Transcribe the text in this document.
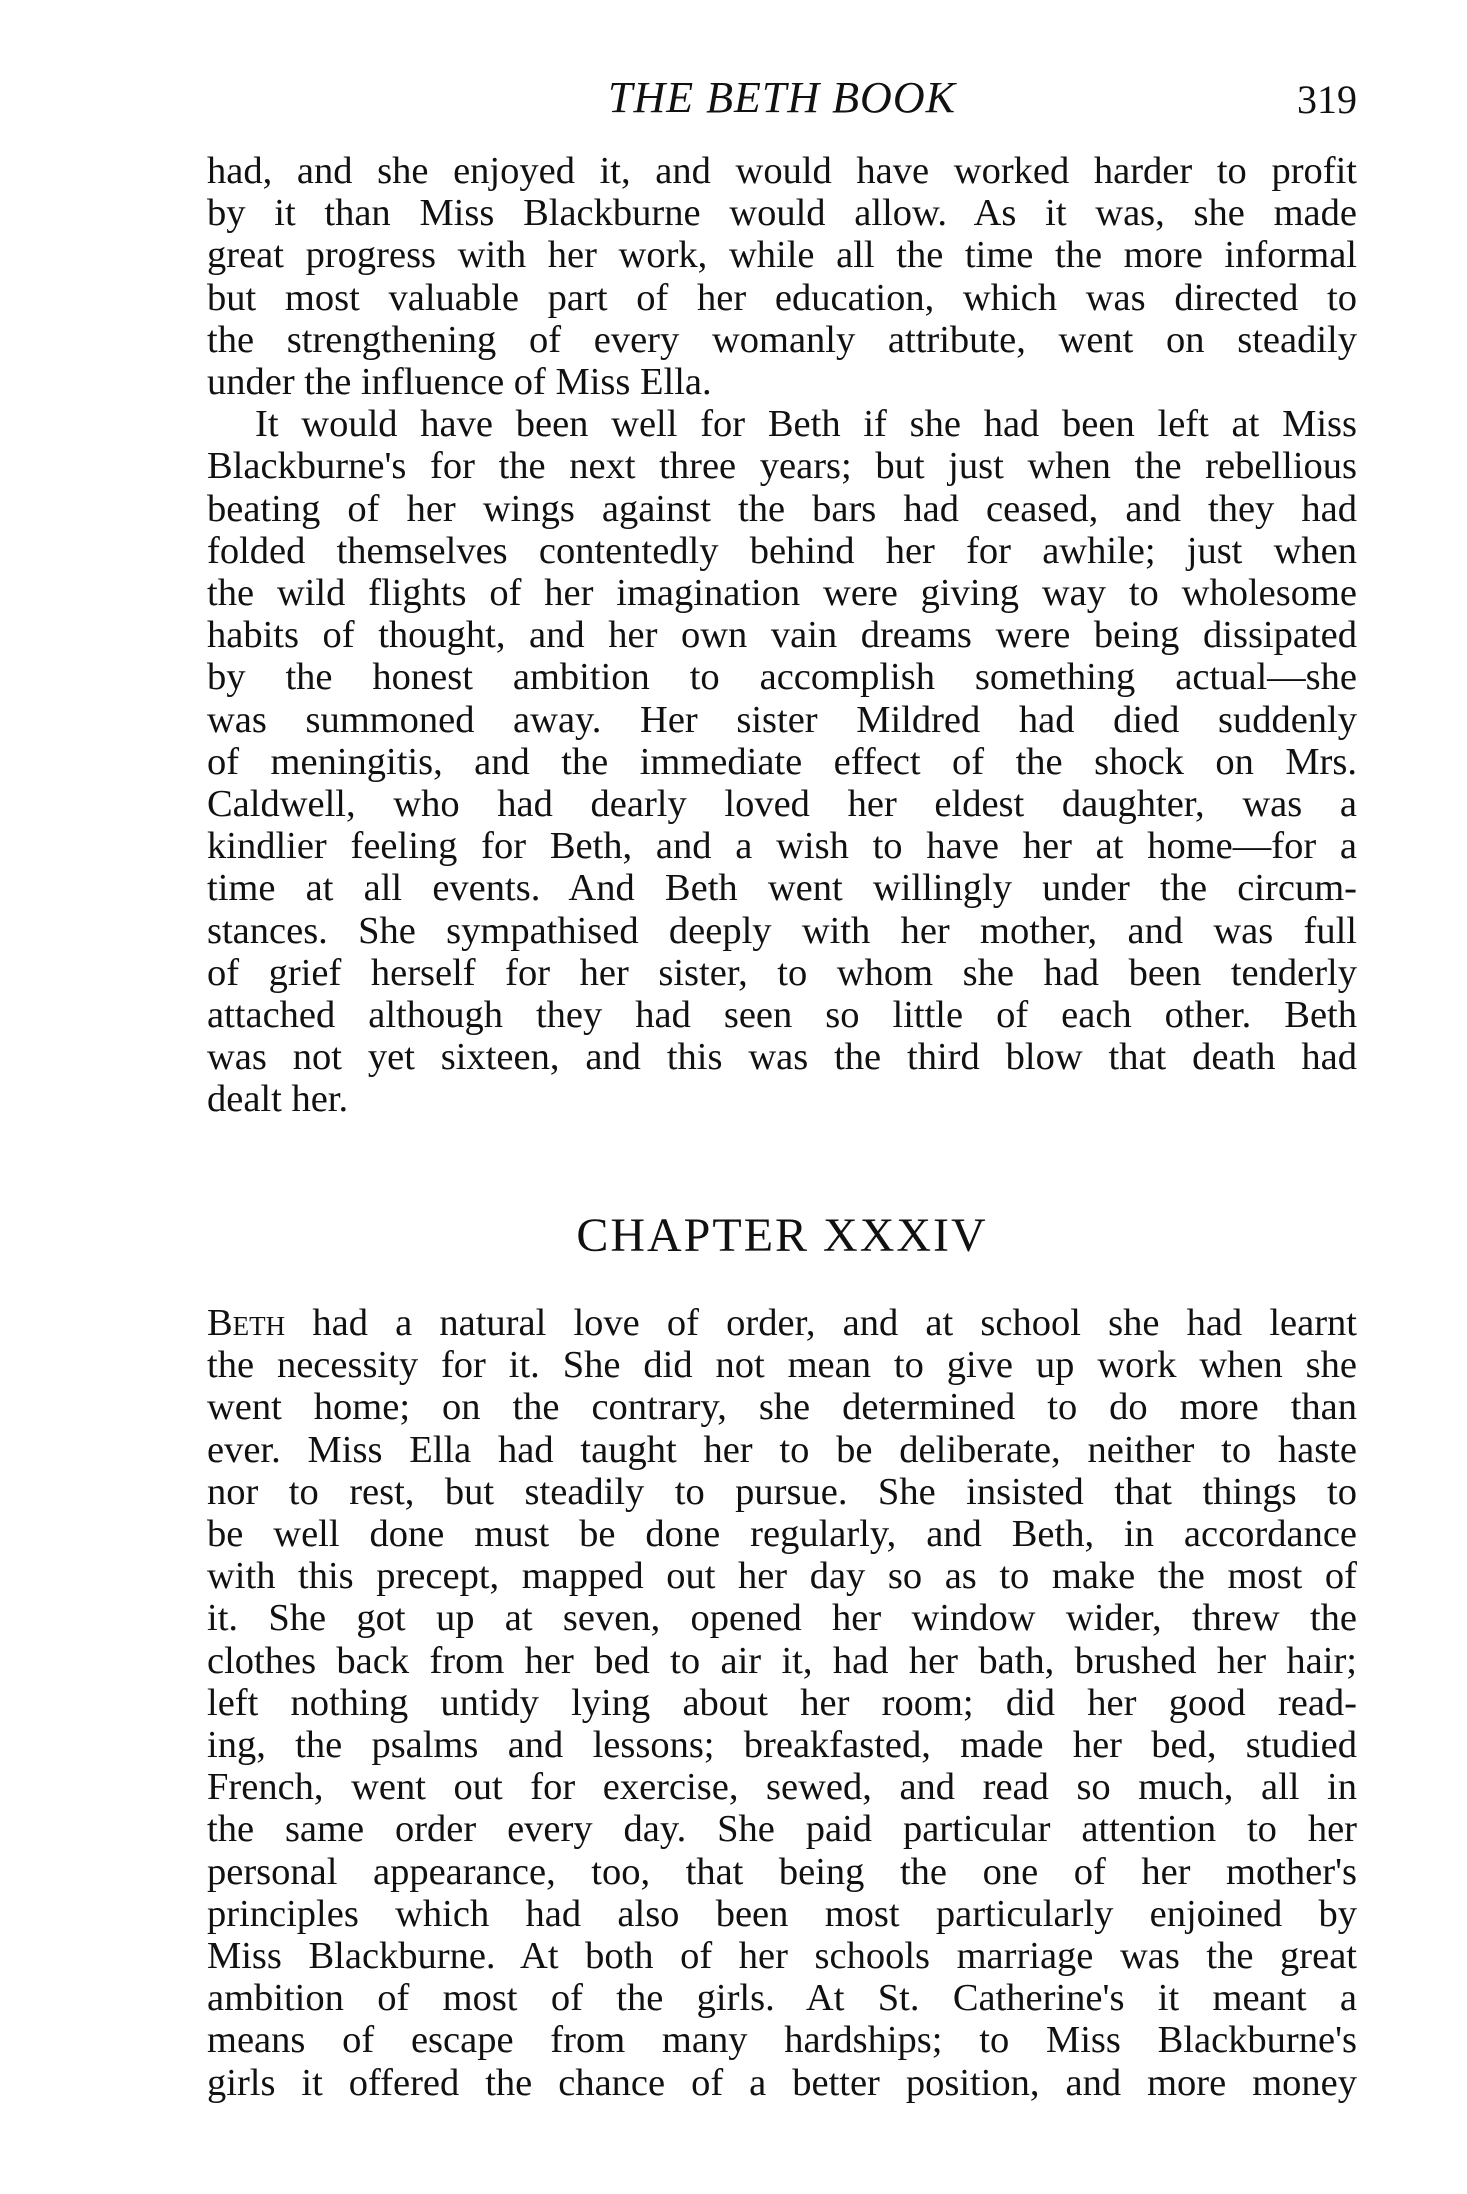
THE BETH BOOK	319

had, and she enjoyed it, and would have worked harder to profit
by it than Miss Blackburne would allow. As it was, she made
great progress with her work, while all the time the more informal
but most valuable part of her education, which was directed to
the strengthening of every womanly attribute, went on steadily
under the influence of Miss Ella.

It would have been well for Beth if she had been left at Miss
Blackburne's for the next three years; but just when the rebellious
beating of her wings against the bars had ceased, and they had
folded themselves contentedly behind her for awhile; just when
the wild flights of her imagination were giving way to wholesome
habits of thought, and her own vain dreams were being dissipated
by the honest ambition to accomplish something actual—she
was summoned away. Her sister Mildred had died suddenly
of meningitis, and the immediate effect of the shock on Mrs.
Caldwell, who had dearly loved her eldest daughter, was a
kindlier feeling for Beth, and a wish to have her at home—for a
time at all events. And Beth went willingly under the circum-
stances. She sympathised deeply with her mother, and was full
of grief herself for her sister, to whom she had been tenderly
attached although they had seen so little of each other. Beth
was not yet sixteen, and this was the third blow that death had
dealt her.

CHAPTER XXXIV

Beth had a natural love of order, and at school she had learnt
the necessity for it. She did not mean to give up work when she
went home; on the contrary, she determined to do more than
ever. Miss Ella had taught her to be deliberate, neither to haste
nor to rest, but steadily to pursue. She insisted that things to
be well done must be done regularly, and Beth, in accordance
with this precept, mapped out her day so as to make the most of
it. She got up at seven, opened her window wider, threw the
clothes back from her bed to air it, had her bath, brushed her hair;
left nothing untidy lying about her room; did her good read-
ing, the psalms and lessons; breakfasted, made her bed, studied
French, went out for exercise, sewed, and read so much, all in
the same order every day. She paid particular attention to her
personal appearance, too, that being the one of her mother's
principles which had also been most particularly enjoined by
Miss Blackburne. At both of her schools marriage was the great
ambition of most of the girls. At St. Catherine's it meant a
means of escape from many hardships; to Miss Blackburne's
girls it offered the chance of a better position, and more money
